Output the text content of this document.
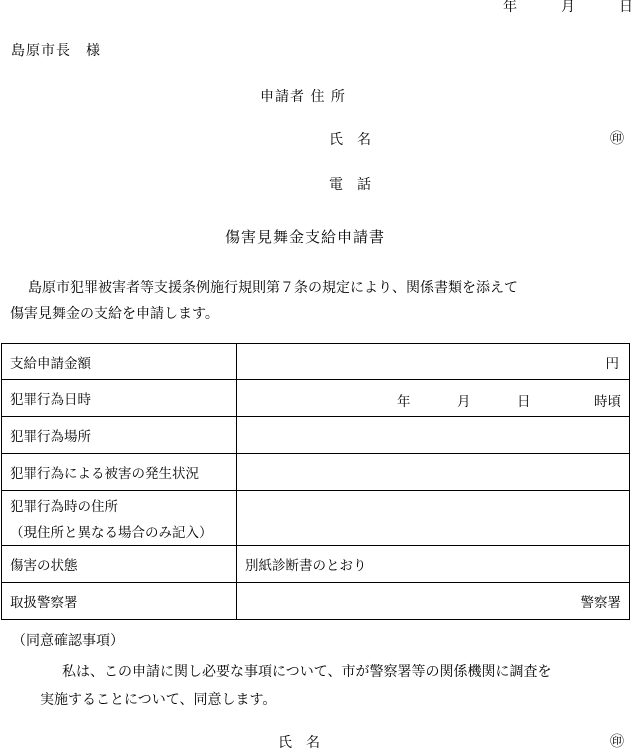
年	月	日
島原市長　様
申請者 住 所
氏　名	㊞
電　話
傷害見舞金支給申請書
島原市犯罪被害者等支援条例施行規則第７条の規定により、関係書類を添えて
傷害見舞金の支給を申請します。
支給申請金額	円
犯罪行為日時	年 月 日 時頃

犯罪行為場所	
犯罪行為による被害の発生状況	

犯罪行為時の住所
（現住所と異なる場合のみ記入）	

傷害の状態	別紙診断書のとおり
取扱警察署	警察署
（同意確認事項）
私は、この申請に関し必要な事項について、市が警察署等の関係機関に調査を
実施することについて、同意します。
氏　名	㊞
